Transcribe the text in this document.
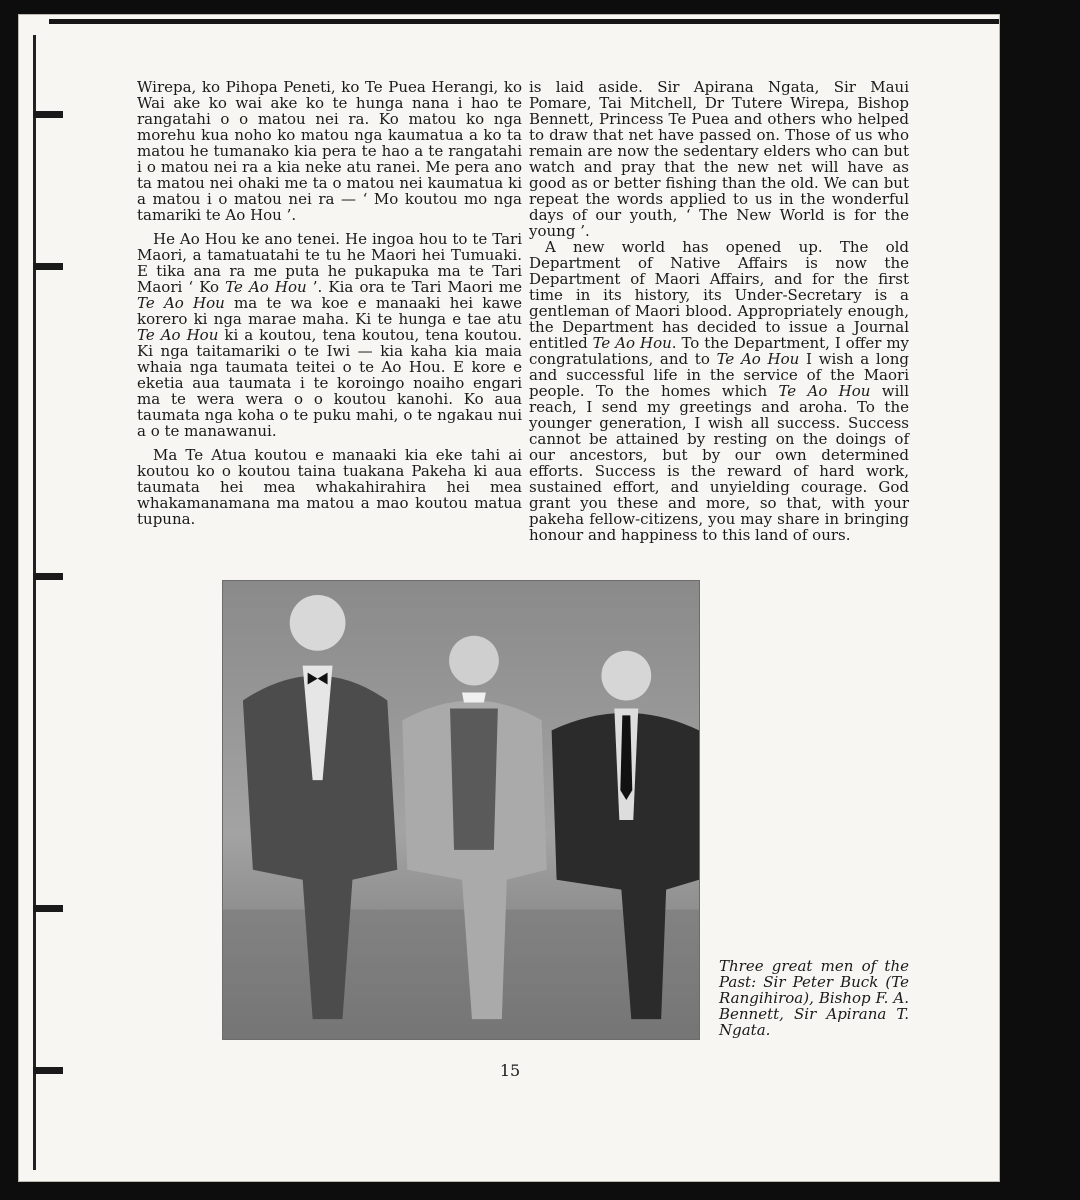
Wirepa, ko Pihopa Peneti, ko Te Puea Herangi, ko Wai ake ko wai ake ko te hunga nana i hao te rangatahi o o matou nei ra. Ko matou ko nga morehu kua noho ko matou nga kaumatua a ko ta matou he tumanako kia pera te hao a te rangatahi i o matou nei ra a kia neke atu ranei. Me pera ano ta matou nei ohaki me ta o matou nei kaumatua ki a matou i o matou nei ra — ‘ Mo koutou mo nga tamariki te Ao Hou ’.

He Ao Hou ke ano tenei. He ingoa hou to te Tari Maori, a tamatuatahi te tu he Maori hei Tumuaki. E tika ana ra me puta he pukapuka ma te Tari Maori ‘ Ko Te Ao Hou ’. Kia ora te Tari Maori me Te Ao Hou ma te wa koe e manaaki hei kawe korero ki nga marae maha. Ki te hunga e tae atu Te Ao Hou ki a koutou, tena koutou, tena koutou. Ki nga taitamariki o te Iwi — kia kaha kia maia whaia nga taumata teitei o te Ao Hou. E kore e eketia aua taumata i te koroingo noaiho engari ma te wera wera o o koutou kanohi. Ko aua taumata nga koha o te puku mahi, o te ngakau nui a o te manawanui.

Ma Te Atua koutou e manaaki kia eke tahi ai koutou ko o koutou taina tuakana Pakeha ki aua taumata hei mea whakahirahira hei mea whakamanamana ma matou a mao koutou matua tupuna.

is laid aside. Sir Apirana Ngata, Sir Maui Pomare, Tai Mitchell, Dr Tutere Wirepa, Bishop Bennett, Princess Te Puea and others who helped to draw that net have passed on. Those of us who remain are now the sedentary elders who can but watch and pray that the new net will have as good as or better fishing than the old. We can but repeat the words applied to us in the wonderful days of our youth, ‘ The New World is for the young ’.

A new world has opened up. The old Department of Native Affairs is now the Department of Maori Affairs, and for the first time in its history, its Under-Secretary is a gentleman of Maori blood. Appropriately enough, the Department has decided to issue a Journal entitled Te Ao Hou. To the Department, I offer my congratulations, and to Te Ao Hou I wish a long and successful life in the service of the Maori people. To the homes which Te Ao Hou will reach, I send my greetings and aroha. To the younger generation, I wish all success. Success cannot be attained by resting on the doings of our ancestors, but by our own determined efforts. Success is the reward of hard work, sustained effort, and unyielding courage. God grant you these and more, so that, with your pakeha fellow-citizens, you may share in bringing honour and happiness to this land of ours.

Three great men of the Past: Sir Peter Buck (Te Rangihiroa), Bishop F. A. Bennett, Sir Apirana T. Ngata.
15
